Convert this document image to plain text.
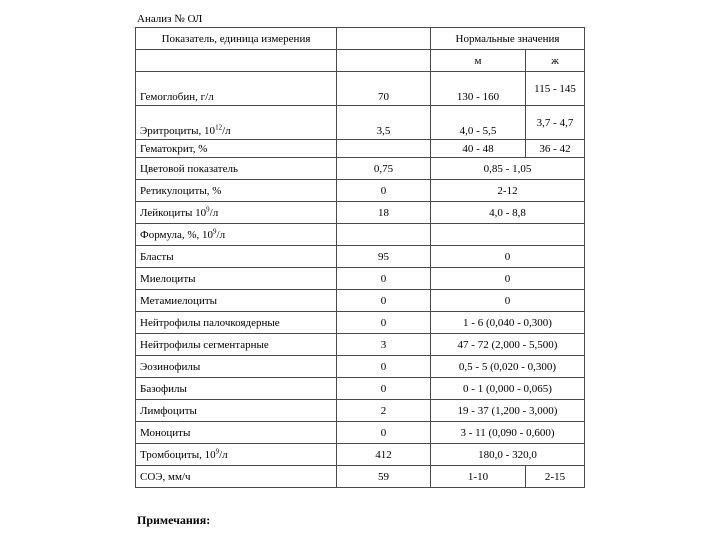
Анализ № ОЛ
Показатель, единица измерения		Нормальные значения	
		м	ж
Гемоглобин, г/л	70	130 - 160	115 - 145
Эритроциты, $10^{12}/л$	3,5	4,0 - 5,5	3,7 - 4,7
Гематокрит, %		40 - 48	36 - 42
Цветовой показатель	0,75	0,85 - 1,05	
Ретикулоциты, %	0	2-12	
Лейкоциты $10^9/л$	18	4,0 - 8,8	
Формула, %, $10^9/л$			
Бласты	95	0	
Миелоциты	0	0	
Метамиелоциты	0	0	
Нейтрофилы палочкоядерные	0	1 - 6 (0,040 - 0,300)	
Нейтрофилы сегментарные	3	47 - 72 (2,000 - 5,500)	
Эозинофилы	0	0,5 - 5 (0,020 - 0,300)	
Базофилы	0	0 - 1 (0,000 - 0,065)	
Лимфоциты	2	19 - 37 (1,200 - 3,000)	
Моноциты	0	3 - 11 (0,090 - 0,600)	
Тромбоциты, $10^9/л$	412	180,0 - 320,0	
СОЭ, мм/ч	59	1-10	2-15
Примечания:
